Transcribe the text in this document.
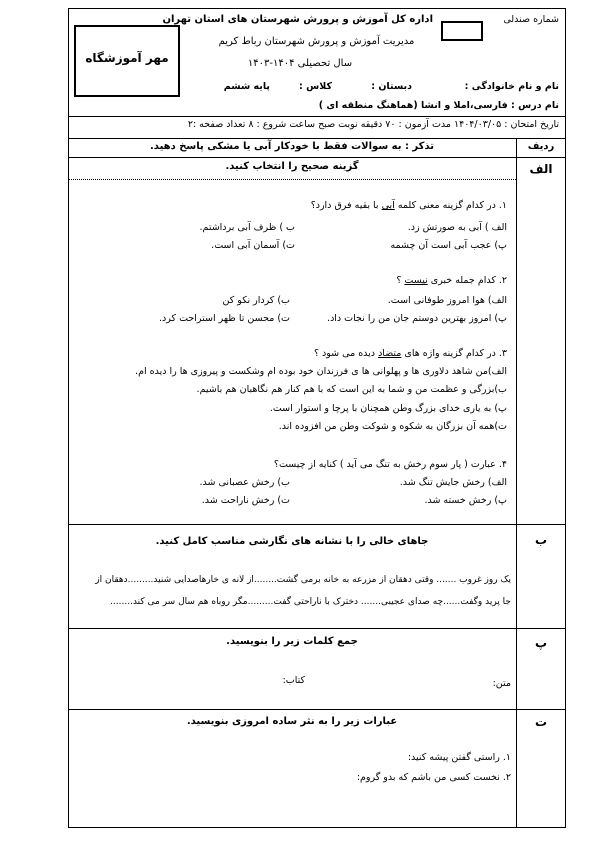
شماره صندلی
اداره کل آموزش و پرورش شهرستان های استان تهران
مدیریت آموزش و پرورش شهرستان رباط کریم
سال تحصیلی ۱۴۰۴-۱۴۰۳
مهر آموزشگاه
نام و نام خانوادگی :
دبستان :
کلاس :
پایه ششم
نام درس : فارسی،املا و انشا (هماهنگ منطقه ای )
تاریخ امتحان : ۱۴۰۴/۰۳/۰۵ مدت آزمون : ۷۰ دقیقه نوبت صبح ساعت شروع : ۸ تعداد صفحه :۲
ردیف
تذکر : به سوالات فقط با خودکار آبی یا مشکی پاسخ دهید.
الف
گزینه صحیح را انتخاب کنید.
۱. در کدام گزینه معنی کلمه آبی با بقیه فرق دارد؟
الف ) آبی به صورتش زد.
ب ) ظرف آبی برداشتم.
پ) عجب آبی است آن چشمه
ت) آسمان آبی است.
۲. کدام جمله خبری نیست ؟
الف) هوا امروز طوفانی است.
ب) کردار نکو کن
پ) امروز بهترین دوستم جان من را نجات داد.
ت) محسن تا ظهر استراحت کرد.
۳. در کدام گزینه واژه های متضاد دیده می شود ؟
الف)من شاهد دلاوری ها و پهلوانی ها ی فرزندان خود بوده ام وشکست و پیروزی ها را دیده ام.
ب)بزرگی و عظمت من و شما به این است که با هم کنار هم نگاهبان هم باشیم.
پ) به یاری خدای بزرگ وطن همچنان با پرچا و استوار است.
ت)همه آن بزرگان به شکوه و شوکت وطن من افزوده اند.
۴. عبارت ( پار سوم رخش به تنگ می آید ) کنایه از چیست؟
الف) رخش جایش تنگ شد.
ب) رخش عصبانی شد.
پ) رخش خسته شد.
ت) رخش ناراحت شد.
ب
جاهای خالی را با نشانه های نگارشی مناسب کامل کنید.
یک روز غروب ....... وقتی دهقان از مزرعه به خانه برمی گشت........از لانه ی خارهاصدایی شنید.........دهقان از
جا پرید وگفت......چه صدای عجیبی....... دخترک با ناراحتی گفت.........مگر روباه هم سال سر می کند........
پ
جمع کلمات زیر را بنویسید.
متن:
کتاب:
ت
عبارات زیر را به نثر ساده امروزی بنویسید.
۱. راستی گفتن پیشه کنید:
۲. نخست کسی من باشم که بدو گروم:
